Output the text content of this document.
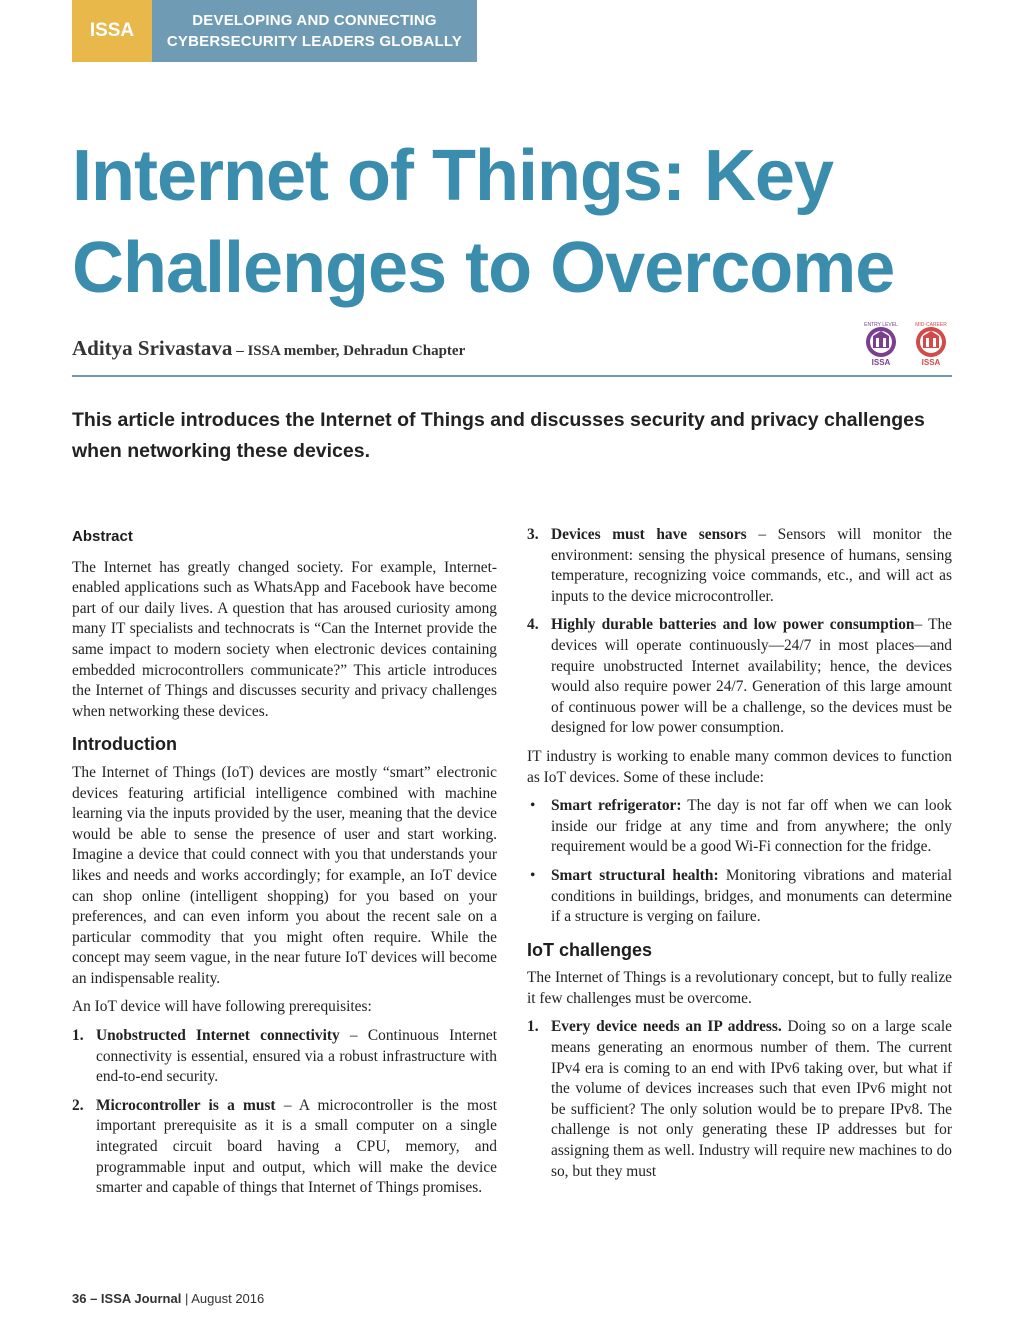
ISSA	DEVELOPING AND CONNECTING
CYBERSECURITY LEADERS GLOBALLY
Internet of Things: Key
Challenges to Overcome
Aditya Srivastava – ISSA member, Dehradun Chapter
ISSA
ENTRY LEVEL
ISSA
MID-CAREER

This article introduces the Internet of Things and discusses security and privacy challenges when networking these devices.

Abstract

The Internet has greatly changed society. For example, Internet-enabled applications such as WhatsApp and Facebook have become part of our daily lives. A question that has aroused curiosity among many IT specialists and technocrats is “Can the Internet provide the same impact to modern society when electronic devices containing embedded microcontrollers communicate?” This article introduces the Internet of Things and discusses security and privacy challenges when networking these devices.

Introduction

The Internet of Things (IoT) devices are mostly “smart” electronic devices featuring artificial intelligence combined with machine learning via the inputs provided by the user, meaning that the device would be able to sense the presence of user and start working. Imagine a device that could connect with you that understands your likes and needs and works accordingly; for example, an IoT device can shop online (intelligent shopping) for you based on your preferences, and can even inform you about the recent sale on a particular commodity that you might often require. While the concept may seem vague, in the near future IoT devices will become an indispensable reality.

An IoT device will have following prerequisites:

1. Unobstructed Internet connectivity – Continuous Internet connectivity is essential, ensured via a robust infrastructure with end-to-end security.
2. Microcontroller is a must – A microcontroller is the most important prerequisite as it is a small computer on a single integrated circuit board having a CPU, memory, and programmable input and output, which will make the device smarter and capable of things that Internet of Things promises.
3. Devices must have sensors – Sensors will monitor the environment: sensing the physical presence of humans, sensing temperature, recognizing voice commands, etc., and will act as inputs to the device microcontroller.
4. Highly durable batteries and low power consumption– The devices will operate continuously—24/7 in most places—and require unobstructed Internet availability; hence, the devices would also require power 24/7. Generation of this large amount of continuous power will be a challenge, so the devices must be designed for low power consumption.

IT industry is working to enable many common devices to function as IoT devices. Some of these include:

• Smart refrigerator: The day is not far off when we can look inside our fridge at any time and from anywhere; the only requirement would be a good Wi-Fi connection for the fridge.
• Smart structural health: Monitoring vibrations and material conditions in buildings, bridges, and monuments can determine if a structure is verging on failure.
IoT challenges

The Internet of Things is a revolutionary concept, but to fully realize it few challenges must be overcome.

1. Every device needs an IP address. Doing so on a large scale means generating an enormous number of them. The current IPv4 era is coming to an end with IPv6 taking over, but what if the volume of devices increases such that even IPv6 might not be sufficient? The only solution would be to prepare IPv8. The challenge is not only generating these IP addresses but for assigning them as well. Industry will require new machines to do so, but they must
36 – ISSA Journal | August 2016
